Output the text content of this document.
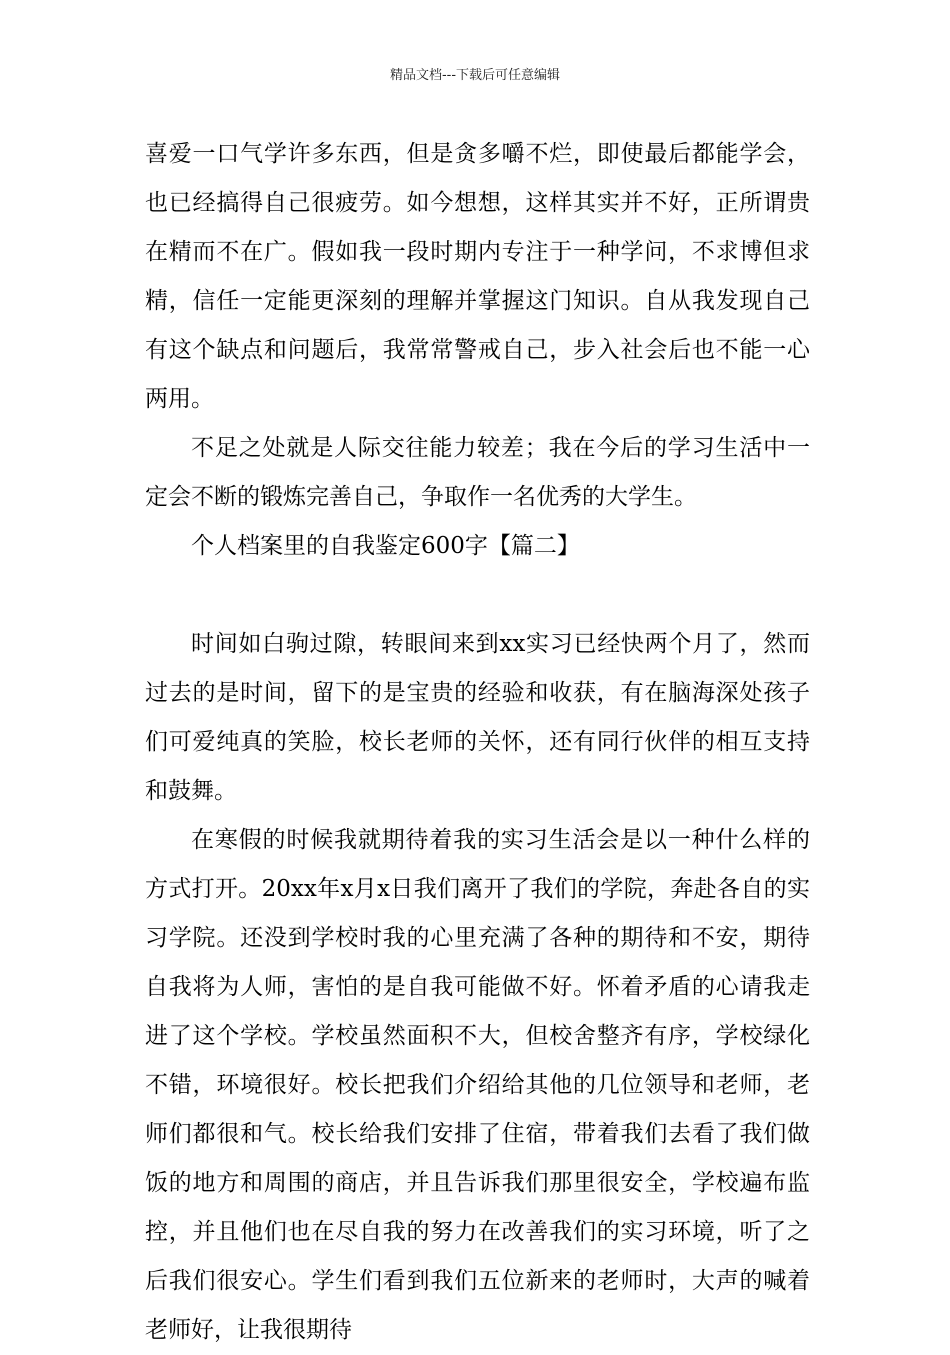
精品文档---下载后可任意编辑

喜爱一口气学许多东西，但是贪多嚼不烂，即使最后都能学会，也已经搞得自己很疲劳。如今想想，这样其实并不好，正所谓贵在精而不在广。假如我一段时期内专注于一种学问，不求博但求精，信任一定能更深刻的理解并掌握这门知识。自从我发现自己有这个缺点和问题后，我常常警戒自己，步入社会后也不能一心两用。

不足之处就是人际交往能力较差；我在今后的学习生活中一定会不断的锻炼完善自己，争取作一名优秀的大学生。

个人档案里的自我鉴定600字【篇二】

时间如白驹过隙，转眼间来到xx实习已经快两个月了，然而过去的是时间，留下的是宝贵的经验和收获，有在脑海深处孩子们可爱纯真的笑脸，校长老师的关怀，还有同行伙伴的相互支持和鼓舞。

在寒假的时候我就期待着我的实习生活会是以一种什么样的方式打开。20xx年x月x日我们离开了我们的学院，奔赴各自的实习学院。还没到学校时我的心里充满了各种的期待和不安，期待自我将为人师，害怕的是自我可能做不好。怀着矛盾的心请我走进了这个学校。学校虽然面积不大，但校舍整齐有序，学校绿化不错，环境很好。校长把我们介绍给其他的几位领导和老师，老师们都很和气。校长给我们安排了住宿，带着我们去看了我们做饭的地方和周围的商店，并且告诉我们那里很安全，学校遍布监控，并且他们也在尽自我的努力在改善我们的实习环境，听了之后我们很安心。学生们看到我们五位新来的老师时，大声的喊着老师好，让我很期待
